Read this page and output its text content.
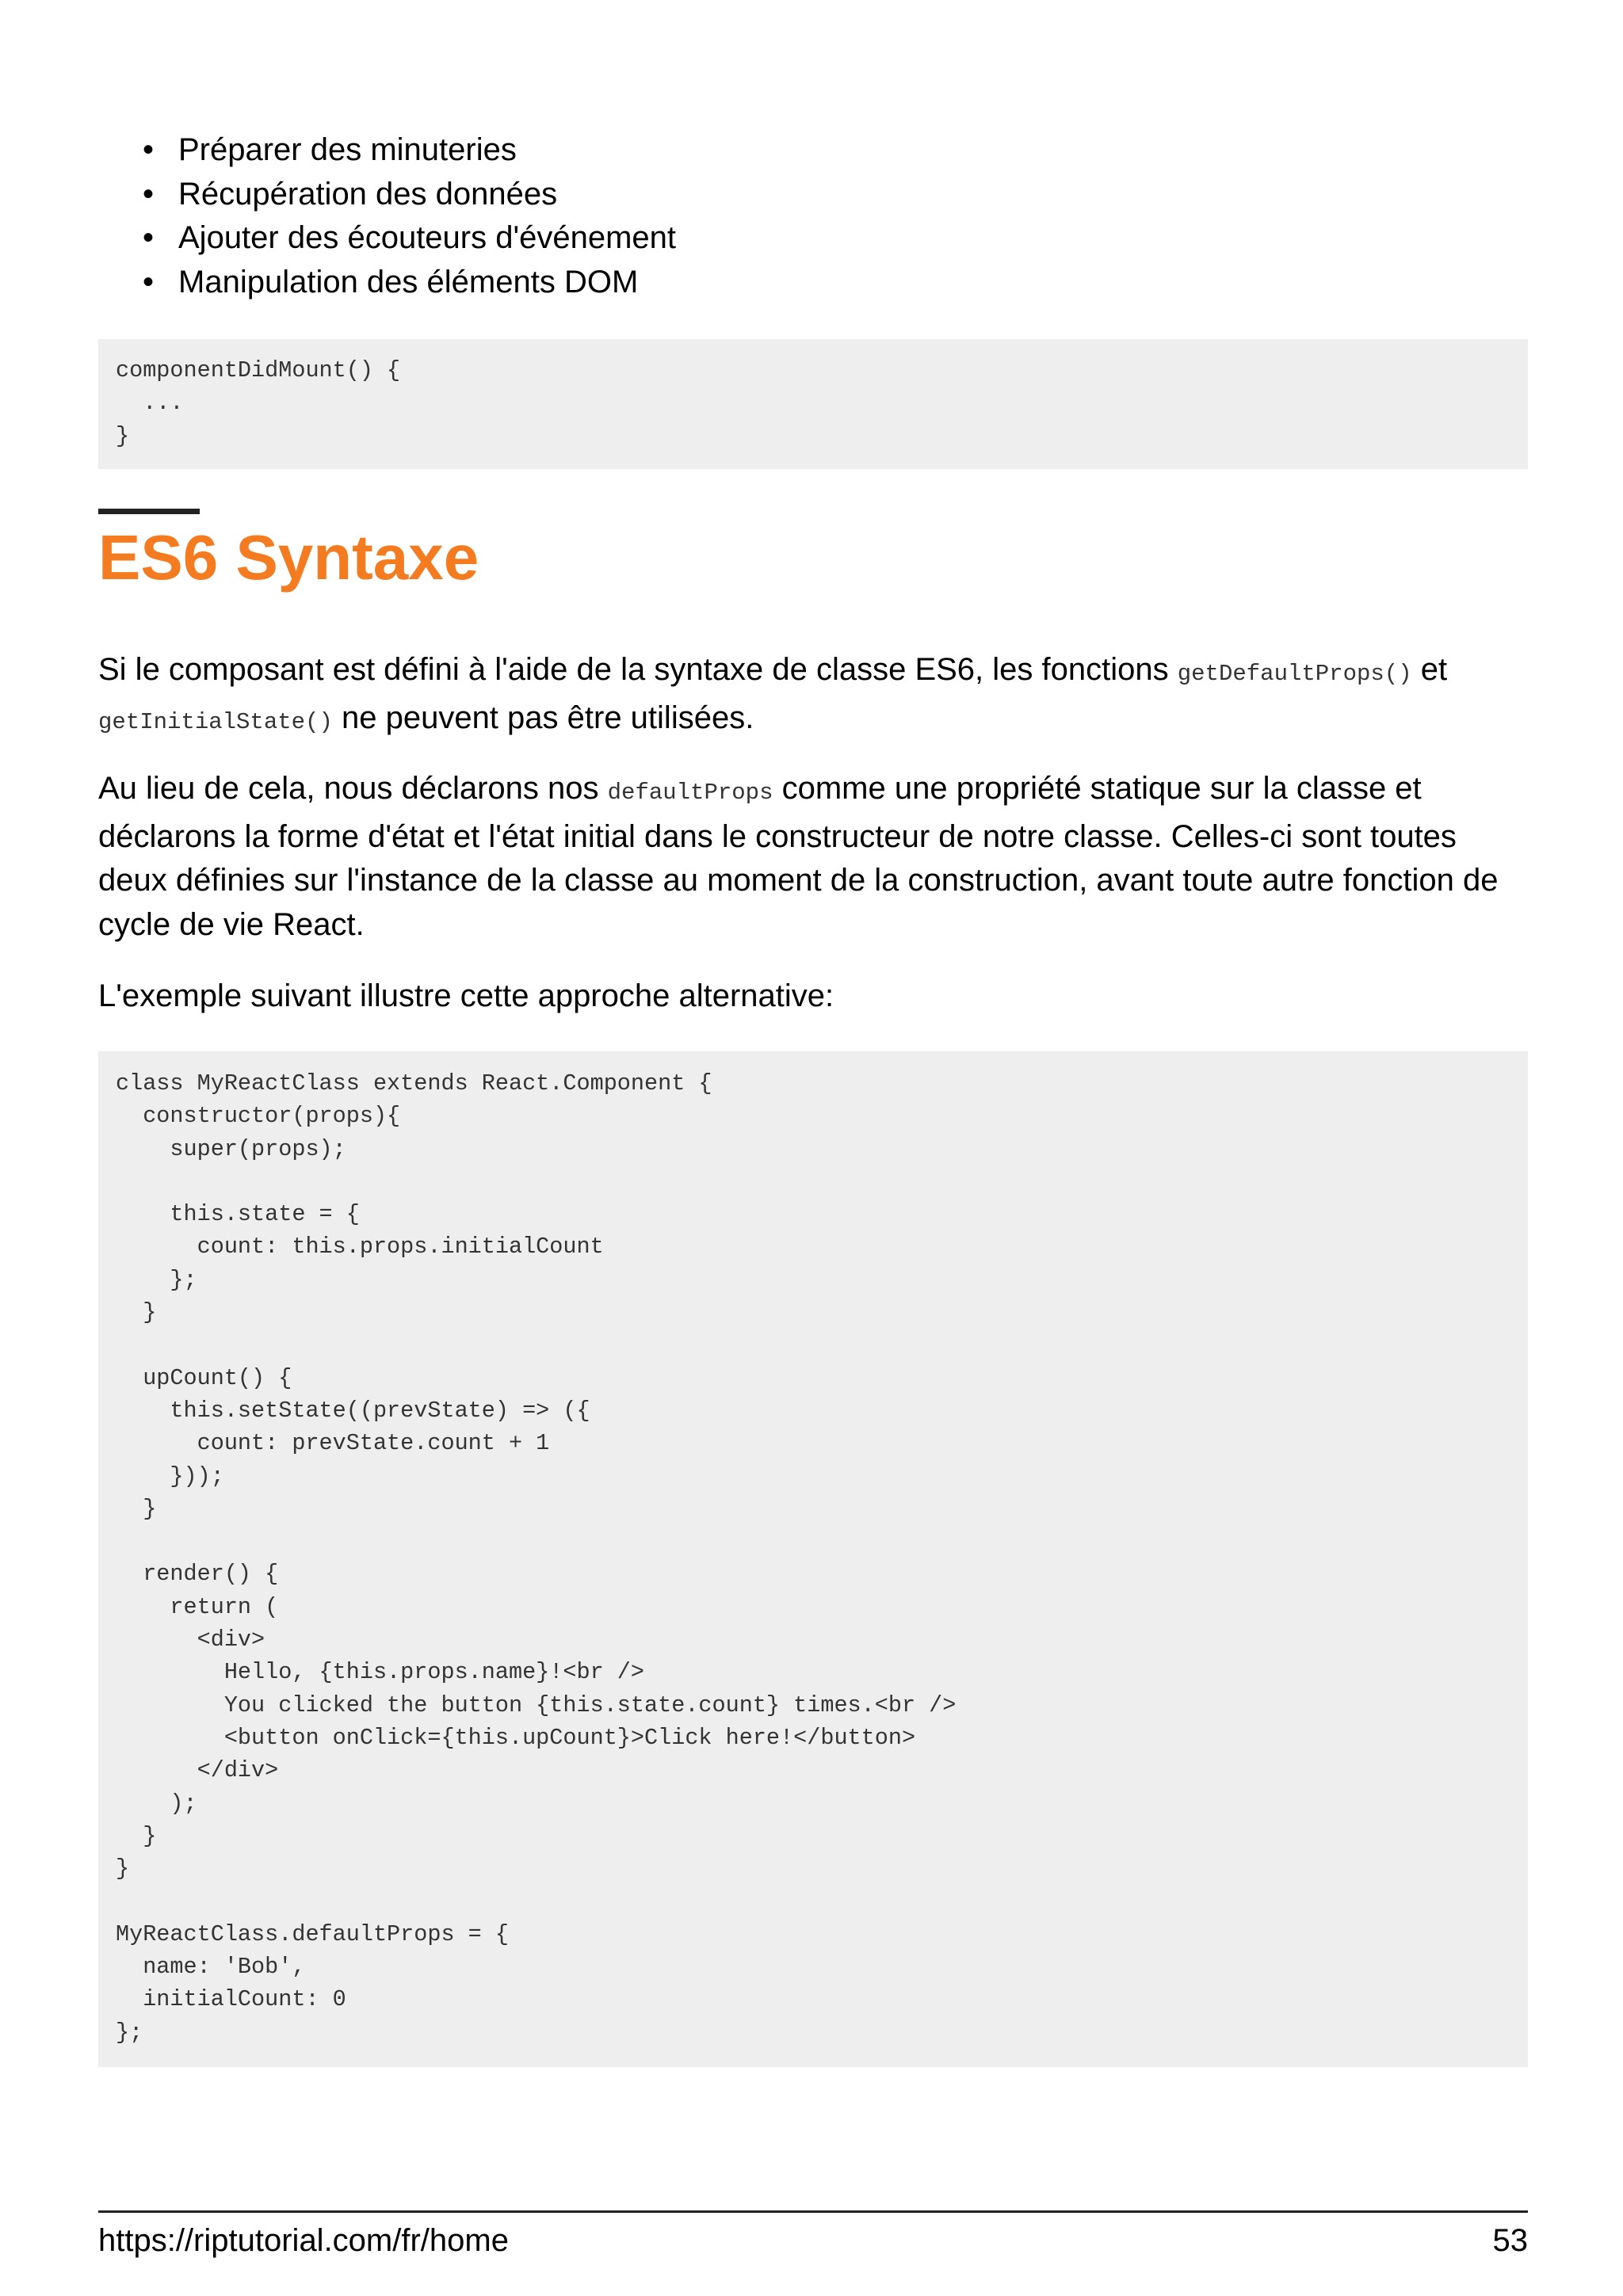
• Préparer des minuteries
• Récupération des données
• Ajouter des écouteurs d'événement
• Manipulation des éléments DOM
componentDidMount() {
...
}
ES6 Syntaxe

Si le composant est défini à l'aide de la syntaxe de classe ES6, les fonctions getDefaultProps() et getInitialState() ne peuvent pas être utilisées.

Au lieu de cela, nous déclarons nos defaultProps comme une propriété statique sur la classe et déclarons la forme d'état et l'état initial dans le constructeur de notre classe. Celles-ci sont toutes deux définies sur l'instance de la classe au moment de la construction, avant toute autre fonction de cycle de vie React.

L'exemple suivant illustre cette approche alternative:

class MyReactClass extends React.Component {
constructor(props){
super(props);

this.state = {
count: this.props.initialCount
};
}

upCount() {
this.setState((prevState) => ({
count: prevState.count + 1
}));
}

render() {
return (
<div>
Hello, {this.props.name}!<br />
You clicked the button {this.state.count} times.<br />
<button onClick={this.upCount}>Click here!</button>
</div>
);
}
}

MyReactClass.defaultProps = {
name: 'Bob',
initialCount: 0
};
https://riptutorial.com/fr/home	53
